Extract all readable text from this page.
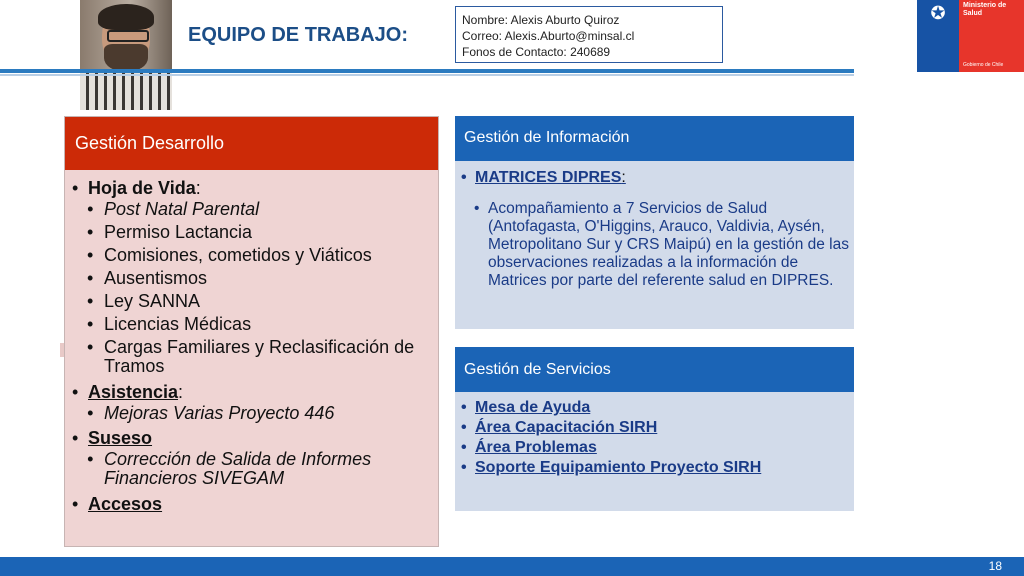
EQUIPO DE TRABAJO:
Nombre: Alexis Aburto Quiroz
Correo: Alexis.Aburto@minsal.cl
Fonos de Contacto: 240689
✪	Ministerio de
Salud
Gobierno de Chile
Gestión Desarrollo
• Hoja de Vida:
• Post Natal Parental
• Permiso Lactancia
• Comisiones, cometidos y Viáticos
• Ausentismos
• Ley SANNA
• Licencias Médicas
• Cargas Familiares y Reclasificación de Tramos
• Asistencia:
• Mejoras Varias Proyecto 446
• Suseso
• Corrección de Salida de Informes Financieros SIVEGAM
• Accesos
Gestión de Información
• MATRICES DIPRES:
• Acompañamiento a 7 Servicios de Salud (Antofagasta, O'Higgins, Arauco, Valdivia, Aysén, Metropolitano Sur y CRS Maipú) en la gestión de las observaciones realizadas a la información de Matrices por parte del referente salud en DIPRES.
Gestión de Servicios
• Mesa de Ayuda
• Área Capacitación SIRH
• Área Problemas
• Soporte Equipamiento Proyecto SIRH
18
